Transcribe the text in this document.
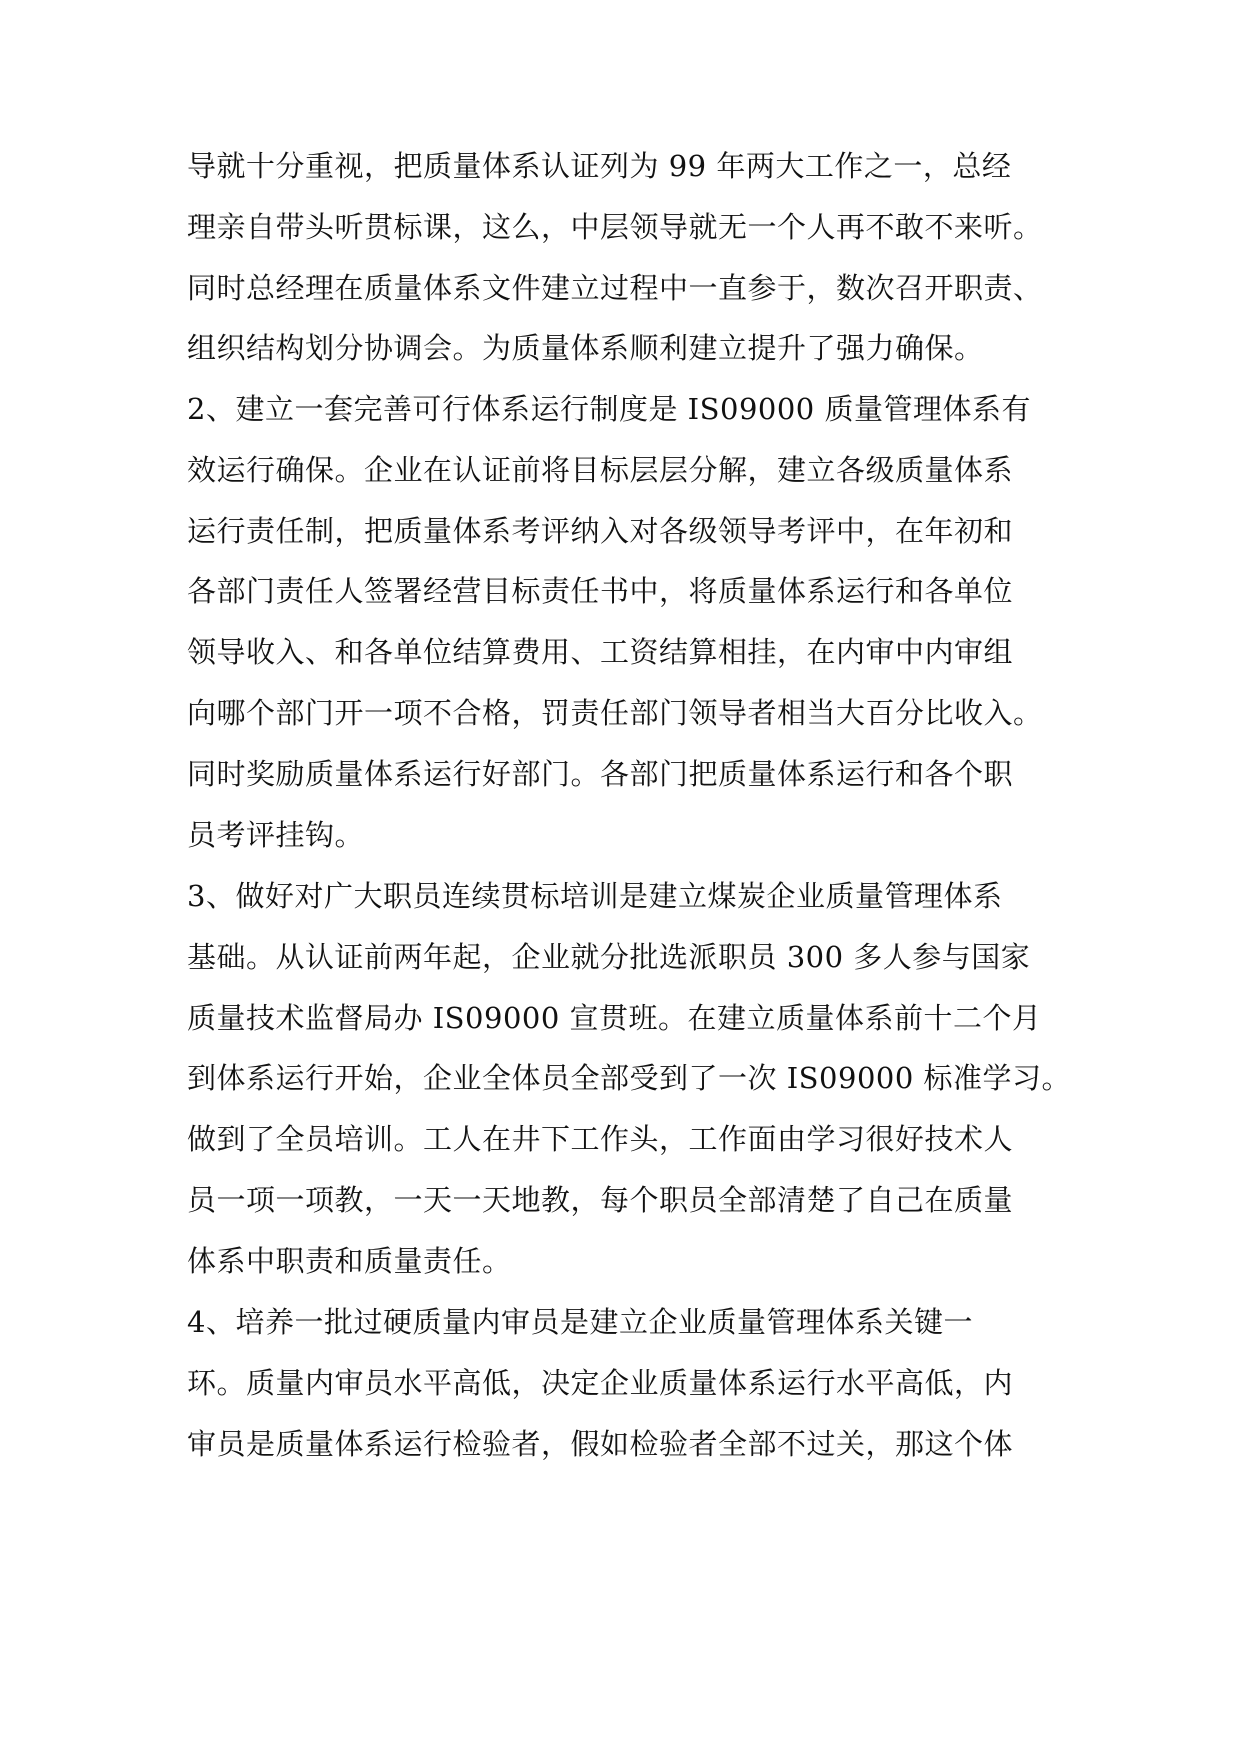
导就十分重视，把质量体系认证列为 99 年两大工作之一，总经
理亲自带头听贯标课，这么，中层领导就无一个人再不敢不来听。
同时总经理在质量体系文件建立过程中一直参于，数次召开职责、
组织结构划分协调会。为质量体系顺利建立提升了强力确保。
2、建立一套完善可行体系运行制度是 IS09000 质量管理体系有
效运行确保。企业在认证前将目标层层分解，建立各级质量体系
运行责任制，把质量体系考评纳入对各级领导考评中，在年初和
各部门责任人签署经营目标责任书中，将质量体系运行和各单位
领导收入、和各单位结算费用、工资结算相挂，在内审中内审组
向哪个部门开一项不合格，罚责任部门领导者相当大百分比收入。
同时奖励质量体系运行好部门。各部门把质量体系运行和各个职
员考评挂钩。
3、做好对广大职员连续贯标培训是建立煤炭企业质量管理体系
基础。从认证前两年起，企业就分批选派职员 300 多人参与国家
质量技术监督局办 IS09000 宣贯班。在建立质量体系前十二个月
到体系运行开始，企业全体员全部受到了一次 IS09000 标准学习。
做到了全员培训。工人在井下工作头，工作面由学习很好技术人
员一项一项教，一天一天地教，每个职员全部清楚了自己在质量
体系中职责和质量责任。
4、培养一批过硬质量内审员是建立企业质量管理体系关键一
环。质量内审员水平高低，决定企业质量体系运行水平高低，内
审员是质量体系运行检验者，假如检验者全部不过关，那这个体
